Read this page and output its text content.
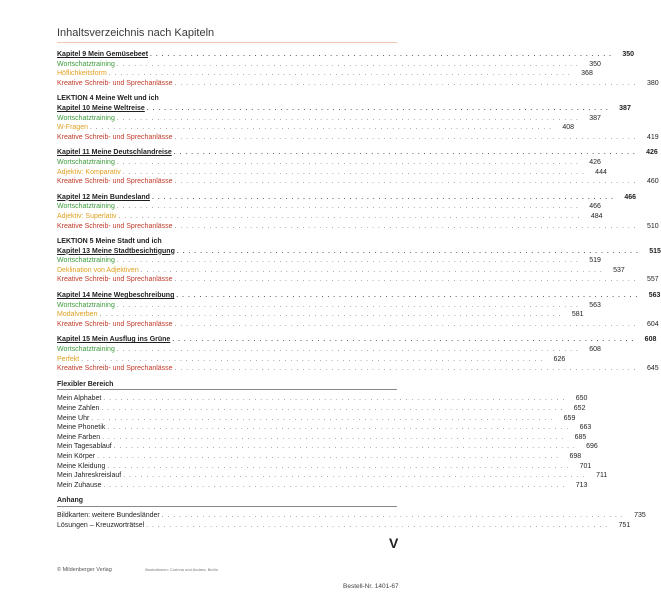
Inhaltsverzeichnis nach Kapiteln
Kapitel 9 Mein Gemüsebeet . . . . . . . . . . . . . . . . . . . . . . . . . . . . . . . . . . . . . . . . . . . . . . . . . . . . . . . . . . . . . . . . . . . . . . . . . . . . . . . .	350
Wortschatztraining . . . . . . . . . . . . . . . . . . . . . . . . . . . . . . . . . . . . . . . . . . . . . . . . . . . . . . . . . . . . . . . . . . . . . . . . . . . . . . . .	350
Höflichkeitsform . . . . . . . . . . . . . . . . . . . . . . . . . . . . . . . . . . . . . . . . . . . . . . . . . . . . . . . . . . . . . . . . . . . . . . . . . . . . . . . .	368
Kreative Schreib- und Sprechanlässe . . . . . . . . . . . . . . . . . . . . . . . . . . . . . . . . . . . . . . . . . . . . . . . . . . . . . . . . . . . . . . . . . . . . . . . . . . . . . . . .	380
LEKTION 4 Meine Welt und ich
Kapitel 10 Meine Weltreise . . . . . . . . . . . . . . . . . . . . . . . . . . . . . . . . . . . . . . . . . . . . . . . . . . . . . . . . . . . . . . . . . . . . . . . . . . . . . . . .	387
Wortschatztraining . . . . . . . . . . . . . . . . . . . . . . . . . . . . . . . . . . . . . . . . . . . . . . . . . . . . . . . . . . . . . . . . . . . . . . . . . . . . . . . .	387
W-Fragen . . . . . . . . . . . . . . . . . . . . . . . . . . . . . . . . . . . . . . . . . . . . . . . . . . . . . . . . . . . . . . . . . . . . . . . . . . . . . . . .	408
Kreative Schreib- und Sprechanlässe . . . . . . . . . . . . . . . . . . . . . . . . . . . . . . . . . . . . . . . . . . . . . . . . . . . . . . . . . . . . . . . . . . . . . . . . . . . . . . . .	419
Kapitel 11 Meine Deutschlandreise . . . . . . . . . . . . . . . . . . . . . . . . . . . . . . . . . . . . . . . . . . . . . . . . . . . . . . . . . . . . . . . . . . . . . . . . . . . . . . . .	426
Wortschatztraining . . . . . . . . . . . . . . . . . . . . . . . . . . . . . . . . . . . . . . . . . . . . . . . . . . . . . . . . . . . . . . . . . . . . . . . . . . . . . . . .	426
Adjektiv: Komparativ . . . . . . . . . . . . . . . . . . . . . . . . . . . . . . . . . . . . . . . . . . . . . . . . . . . . . . . . . . . . . . . . . . . . . . . . . . . . . . . .	444
Kreative Schreib- und Sprechanlässe . . . . . . . . . . . . . . . . . . . . . . . . . . . . . . . . . . . . . . . . . . . . . . . . . . . . . . . . . . . . . . . . . . . . . . . . . . . . . . . .	460
Kapitel 12 Mein Bundesland . . . . . . . . . . . . . . . . . . . . . . . . . . . . . . . . . . . . . . . . . . . . . . . . . . . . . . . . . . . . . . . . . . . . . . . . . . . . . . . .	466
Wortschatztraining . . . . . . . . . . . . . . . . . . . . . . . . . . . . . . . . . . . . . . . . . . . . . . . . . . . . . . . . . . . . . . . . . . . . . . . . . . . . . . . .	466
Adjektiv: Superlativ . . . . . . . . . . . . . . . . . . . . . . . . . . . . . . . . . . . . . . . . . . . . . . . . . . . . . . . . . . . . . . . . . . . . . . . . . . . . . . . .	484
Kreative Schreib- und Sprechanlässe . . . . . . . . . . . . . . . . . . . . . . . . . . . . . . . . . . . . . . . . . . . . . . . . . . . . . . . . . . . . . . . . . . . . . . . . . . . . . . . .	510
LEKTION 5 Meine Stadt und ich
Kapitel 13 Meine Stadtbesichtigung . . . . . . . . . . . . . . . . . . . . . . . . . . . . . . . . . . . . . . . . . . . . . . . . . . . . . . . . . . . . . . . . . . . . . . . . . . . . . . . .	515
Wortschatztraining . . . . . . . . . . . . . . . . . . . . . . . . . . . . . . . . . . . . . . . . . . . . . . . . . . . . . . . . . . . . . . . . . . . . . . . . . . . . . . . .	519
Deklination von Adjektiven . . . . . . . . . . . . . . . . . . . . . . . . . . . . . . . . . . . . . . . . . . . . . . . . . . . . . . . . . . . . . . . . . . . . . . . . . . . . . . . .	537
Kreative Schreib- und Sprechanlässe . . . . . . . . . . . . . . . . . . . . . . . . . . . . . . . . . . . . . . . . . . . . . . . . . . . . . . . . . . . . . . . . . . . . . . . . . . . . . . . .	557
Kapitel 14 Meine Wegbeschreibung . . . . . . . . . . . . . . . . . . . . . . . . . . . . . . . . . . . . . . . . . . . . . . . . . . . . . . . . . . . . . . . . . . . . . . . . . . . . . . . .	563
Wortschatztraining . . . . . . . . . . . . . . . . . . . . . . . . . . . . . . . . . . . . . . . . . . . . . . . . . . . . . . . . . . . . . . . . . . . . . . . . . . . . . . . .	563
Modalverben . . . . . . . . . . . . . . . . . . . . . . . . . . . . . . . . . . . . . . . . . . . . . . . . . . . . . . . . . . . . . . . . . . . . . . . . . . . . . . . .	581
Kreative Schreib- und Sprechanlässe . . . . . . . . . . . . . . . . . . . . . . . . . . . . . . . . . . . . . . . . . . . . . . . . . . . . . . . . . . . . . . . . . . . . . . . . . . . . . . . .	604
Kapitel 15 Mein Ausflug ins Grüne . . . . . . . . . . . . . . . . . . . . . . . . . . . . . . . . . . . . . . . . . . . . . . . . . . . . . . . . . . . . . . . . . . . . . . . . . . . . . . . .	608
Wortschatztraining . . . . . . . . . . . . . . . . . . . . . . . . . . . . . . . . . . . . . . . . . . . . . . . . . . . . . . . . . . . . . . . . . . . . . . . . . . . . . . . .	608
Perfekt . . . . . . . . . . . . . . . . . . . . . . . . . . . . . . . . . . . . . . . . . . . . . . . . . . . . . . . . . . . . . . . . . . . . . . . . . . . . . . . .	626
Kreative Schreib- und Sprechanlässe . . . . . . . . . . . . . . . . . . . . . . . . . . . . . . . . . . . . . . . . . . . . . . . . . . . . . . . . . . . . . . . . . . . . . . . . . . . . . . . .	645
Flexibler Bereich
Mein Alphabet . . . . . . . . . . . . . . . . . . . . . . . . . . . . . . . . . . . . . . . . . . . . . . . . . . . . . . . . . . . . . . . . . . . . . . . . . . . . . . . .	650
Meine Zahlen . . . . . . . . . . . . . . . . . . . . . . . . . . . . . . . . . . . . . . . . . . . . . . . . . . . . . . . . . . . . . . . . . . . . . . . . . . . . . . . .	652
Meine Uhr . . . . . . . . . . . . . . . . . . . . . . . . . . . . . . . . . . . . . . . . . . . . . . . . . . . . . . . . . . . . . . . . . . . . . . . . . . . . . . . .	659
Meine Phonetik . . . . . . . . . . . . . . . . . . . . . . . . . . . . . . . . . . . . . . . . . . . . . . . . . . . . . . . . . . . . . . . . . . . . . . . . . . . . . . . .	663
Meine Farben . . . . . . . . . . . . . . . . . . . . . . . . . . . . . . . . . . . . . . . . . . . . . . . . . . . . . . . . . . . . . . . . . . . . . . . . . . . . . . . .	685
Mein Tagesablauf . . . . . . . . . . . . . . . . . . . . . . . . . . . . . . . . . . . . . . . . . . . . . . . . . . . . . . . . . . . . . . . . . . . . . . . . . . . . . . . .	696
Mein Körper . . . . . . . . . . . . . . . . . . . . . . . . . . . . . . . . . . . . . . . . . . . . . . . . . . . . . . . . . . . . . . . . . . . . . . . . . . . . . . . .	698
Meine Kleidung . . . . . . . . . . . . . . . . . . . . . . . . . . . . . . . . . . . . . . . . . . . . . . . . . . . . . . . . . . . . . . . . . . . . . . . . . . . . . . . .	701
Mein Jahreskreislauf . . . . . . . . . . . . . . . . . . . . . . . . . . . . . . . . . . . . . . . . . . . . . . . . . . . . . . . . . . . . . . . . . . . . . . . . . . . . . . . .	711
Mein Zuhause . . . . . . . . . . . . . . . . . . . . . . . . . . . . . . . . . . . . . . . . . . . . . . . . . . . . . . . . . . . . . . . . . . . . . . . . . . . . . . . .	713
Anhang
Bildkarten: weitere Bundesländer . . . . . . . . . . . . . . . . . . . . . . . . . . . . . . . . . . . . . . . . . . . . . . . . . . . . . . . . . . . . . . . . . . . . . . . . . . . . . . . .	735
Lösungen – Kreuzworträtsel . . . . . . . . . . . . . . . . . . . . . . . . . . . . . . . . . . . . . . . . . . . . . . . . . . . . . . . . . . . . . . . . . . . . . . . . . . . . . . . .	751
V
© Mildenberger Verlag	Illustrationen: Corinna und Andrea, Berlin
Bestell-Nr. 1401-67
